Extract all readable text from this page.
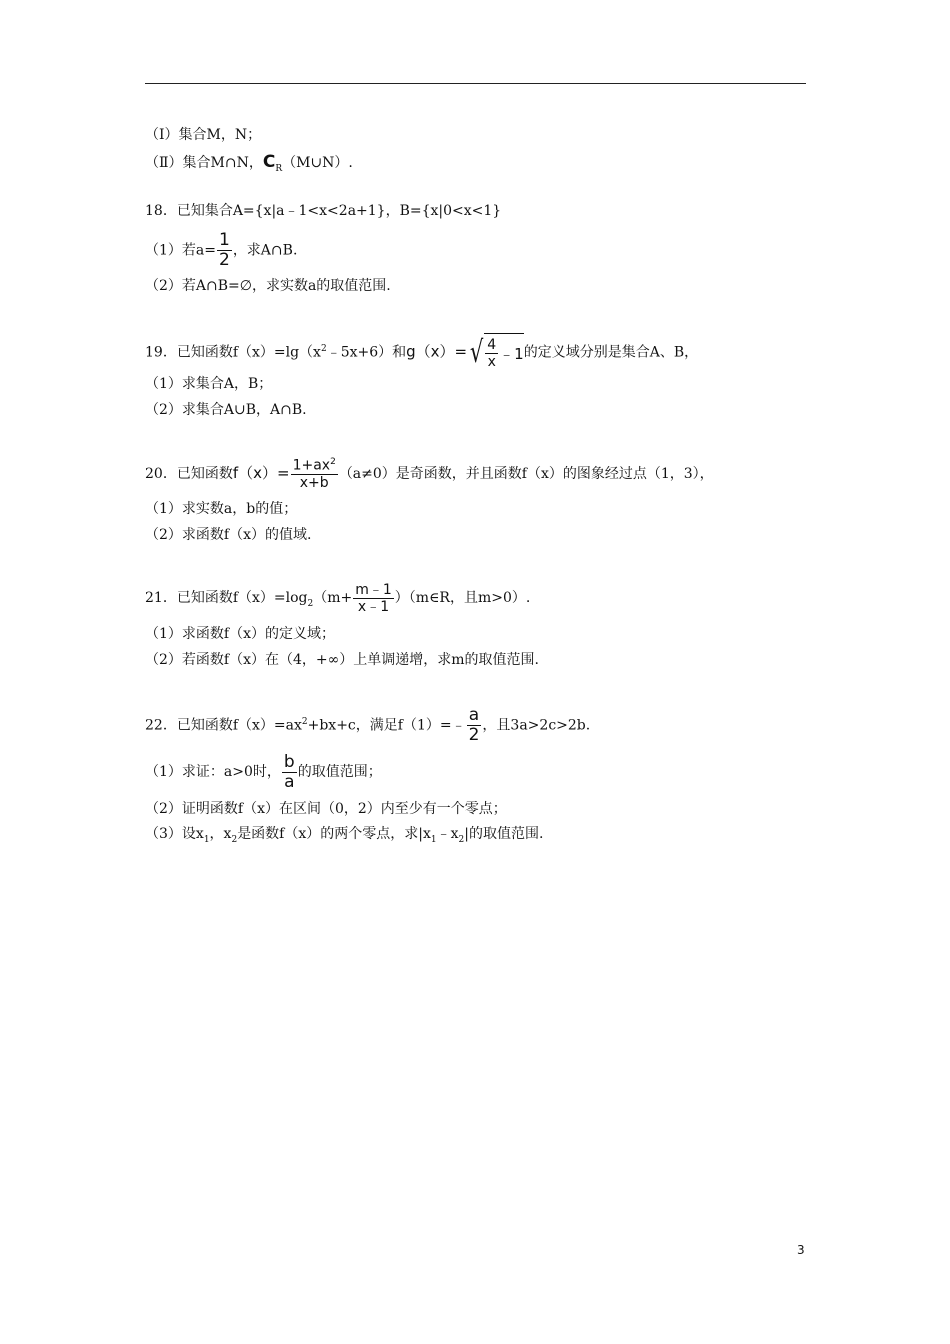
（Ⅰ）集合M，N；
（Ⅱ）集合M∩N，$C_R(M\cup N)$.
18．已知集合A={x|a﹣1<x<2a+1}，B={x|0<x<1}
（1）若$a= \frac{1}{2}$ ，求A∩B.
（2）若A∩B=∅，求实数a的取值范围.
19．已知函数$f(x)=\lg(x^2﹣5x+6)$和g（x）= √ $\frac{4}{x}$ ﹣1 的定义域分别是集合A、B，
（1）求集合A，B；
（2）求集合A∪B，A∩B.
20．已知函数$f(x)= \frac{1+ax^2}{x+b} (a\ne 0)$是奇函数，并且函数f（x）的图象经过点（1，3），
（1）求实数a，b的值；
（2）求函数f（x）的值域.
21．已知函数$f(x)=\log_2(m+ \frac{m﹣1}{x﹣1}$ ）（m∈R，且m>0）.
（1）求函数f（x）的定义域；
（2）若函数f（x）在（4，+∞）上单调递增，求m的取值范围.
22．已知函数$f(x)=ax^2+bx+c$，满足f（1）=﹣ $\frac{a}{2}$ ，且3a>2c>2b.
（1）求证：a>0时， $\frac{b}{a}$ 的取值范围；
（2）证明函数f（x）在区间（0，2）内至少有一个零点；
（3）设$x_1$，$x_2$是函数f（x）的两个零点，求$|x_1﹣x_2|$的取值范围.
3
